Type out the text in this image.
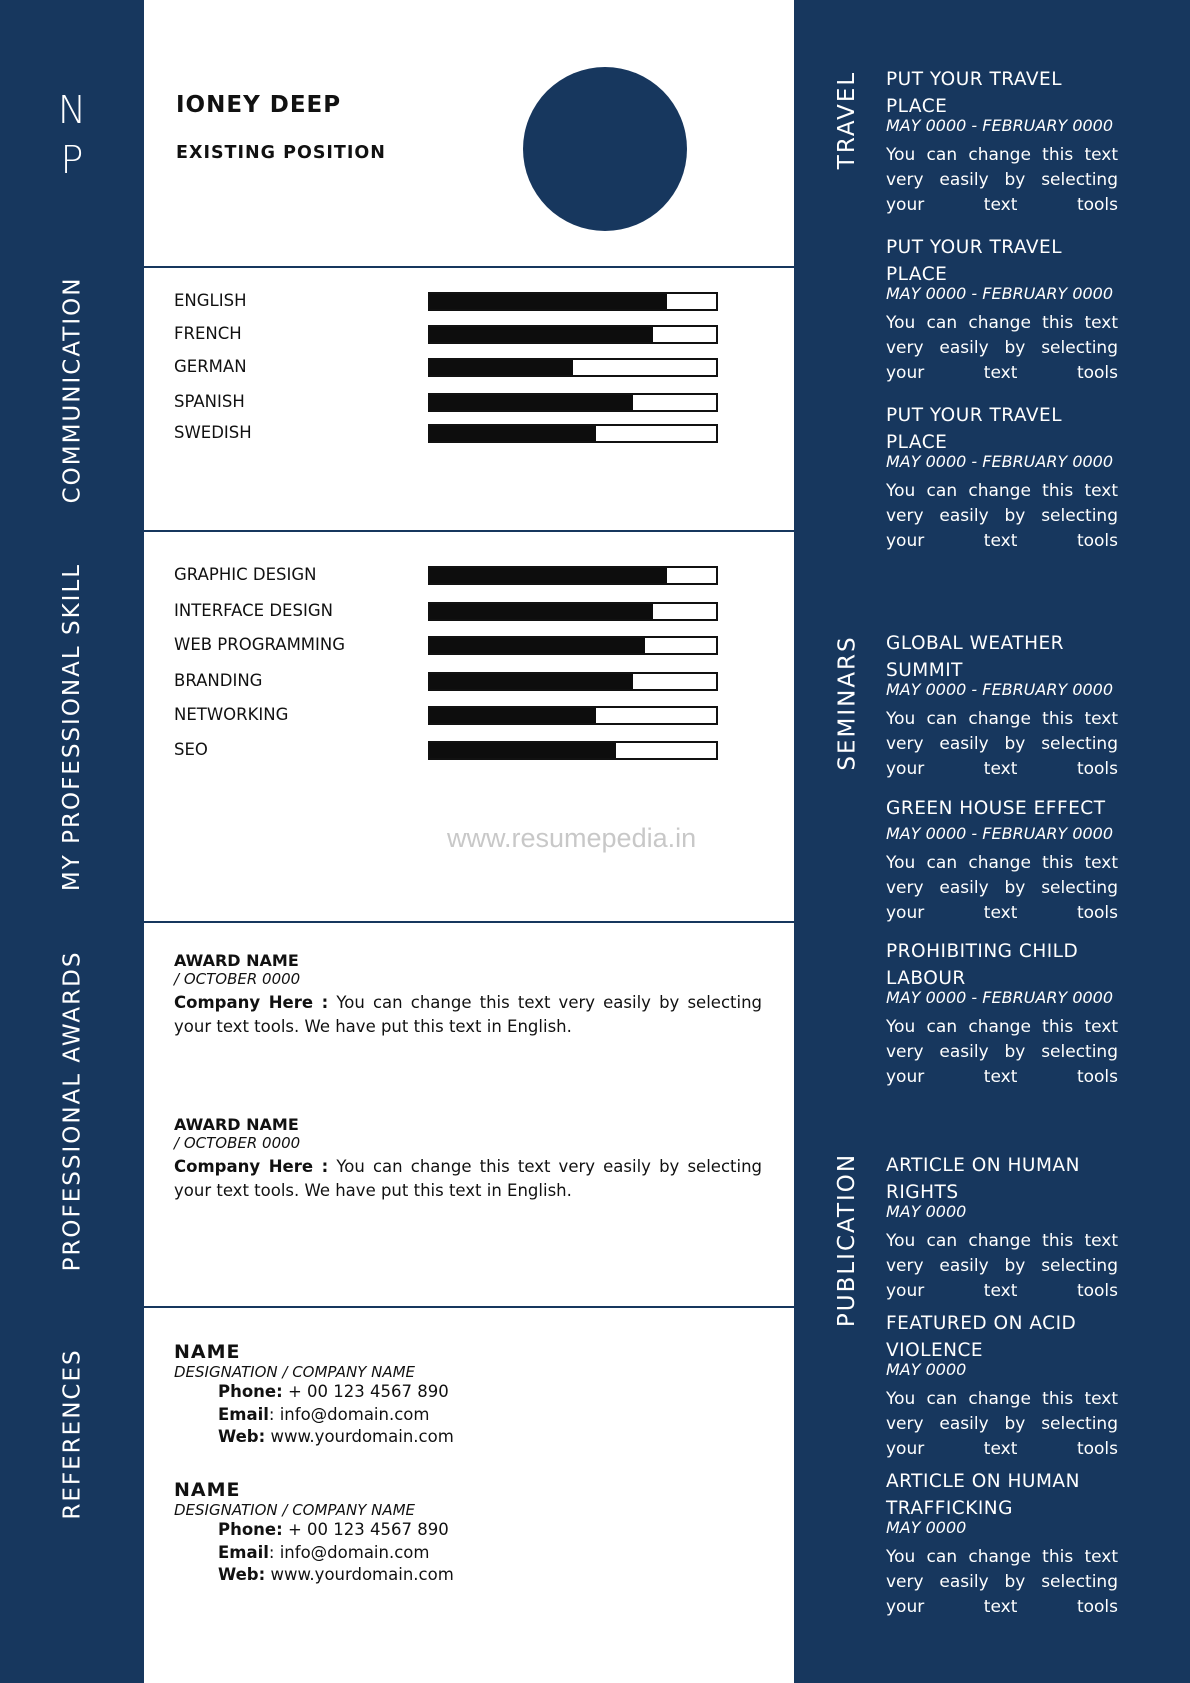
N
P
COMMUNICATION
MY PROFESSIONAL SKILL
PROFESSIONAL AWARDS
REFERENCES
IONEY DEEP
EXISTING POSITION
ENGLISH
FRENCH
GERMAN
SPANISH
SWEDISH
GRAPHIC DESIGN
INTERFACE DESIGN
WEB PROGRAMMING
BRANDING
NETWORKING
SEO
www.resumepedia.in
AWARD NAME
/ OCTOBER 0000
Company Here : You can change this text very easily by selecting your text tools. We have put this text in English.
AWARD NAME
/ OCTOBER 0000
Company Here : You can change this text very easily by selecting your text tools. We have put this text in English.
NAME
DESIGNATION / COMPANY NAME
Phone: + 00 123 4567 890
Email: info@domain.com
Web: www.yourdomain.com
NAME
DESIGNATION / COMPANY NAME
Phone: + 00 123 4567 890
Email: info@domain.com
Web: www.yourdomain.com
TRAVEL
SEMINARS
PUBLICATION
PUT YOUR TRAVEL PLACE
MAY 0000 - FEBRUARY 0000
You can change this text very easily by selecting your text tools
PUT YOUR TRAVEL PLACE
MAY 0000 - FEBRUARY 0000
You can change this text very easily by selecting your text tools
PUT YOUR TRAVEL PLACE
MAY 0000 - FEBRUARY 0000
You can change this text very easily by selecting your text tools
GLOBAL WEATHER SUMMIT
MAY 0000 - FEBRUARY 0000
You can change this text very easily by selecting your text tools
GREEN HOUSE EFFECT
MAY 0000 - FEBRUARY 0000
You can change this text very easily by selecting your text tools
PROHIBITING CHILD LABOUR
MAY 0000 - FEBRUARY 0000
You can change this text very easily by selecting your text tools
ARTICLE ON HUMAN RIGHTS
MAY 0000
You can change this text very easily by selecting your text tools
FEATURED ON ACID VIOLENCE
MAY 0000
You can change this text very easily by selecting your text tools
ARTICLE ON HUMAN TRAFFICKING
MAY 0000
You can change this text very easily by selecting your text tools
